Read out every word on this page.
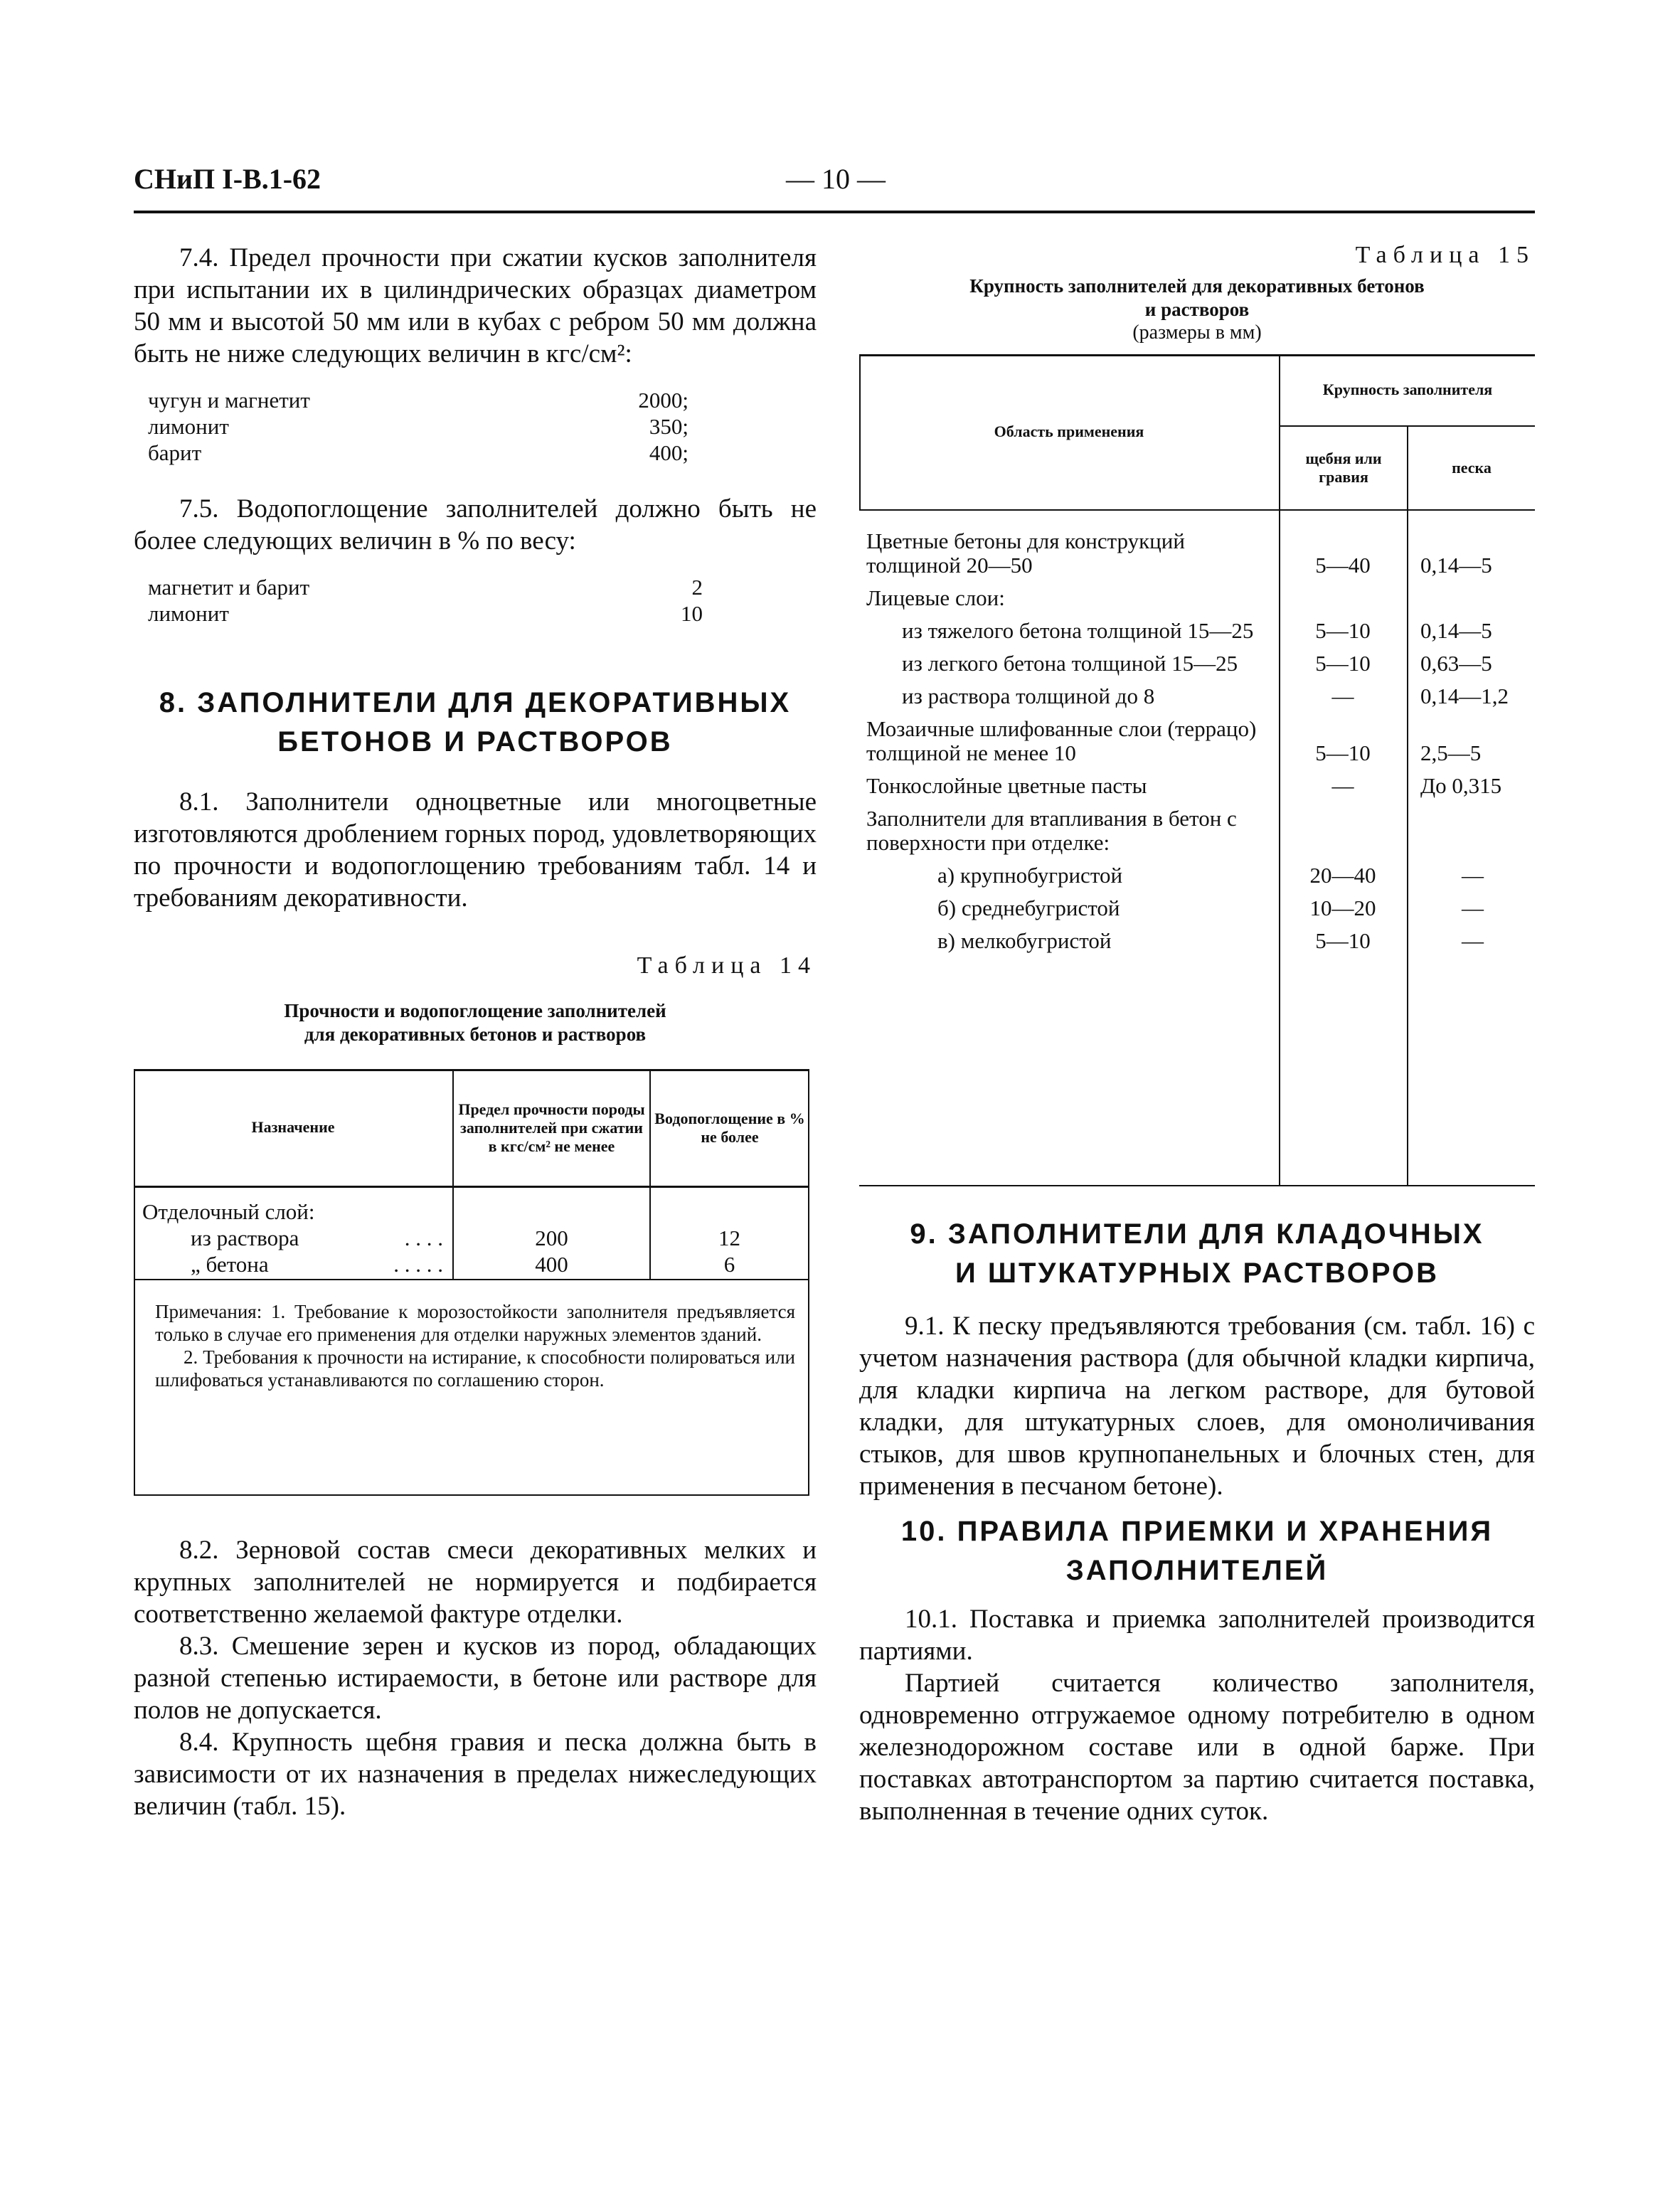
СНиП I-В.1-62	— 10 —

7.4. Предел прочности при сжатии кусков заполнителя при испытании их в цилиндрических образцах диаметром 50 мм и высотой 50 мм или в кубах с ребром 50 мм должна быть не ниже следующих величин в кгс/см²:

чугун и магнетит	2000;
лимонит	350;
барит	400;

7.5. Водопоглощение заполнителей должно быть не более следующих величин в % по весу:

магнетит и барит	2
лимонит	10
8. ЗАПОЛНИТЕЛИ ДЛЯ ДЕКОРАТИВНЫХ
БЕТОНОВ И РАСТВОРОВ

8.1. Заполнители одноцветные или многоцветные изготовляются дроблением горных пород, удовлетворяющих по прочности и водопоглощению требованиям табл. 14 и требованиям декоративности.

Таблица 14
Прочности и водопоглощение заполнителей
для декоративных бетонов и растворов
Назначение
Предел прочности породы заполнителей при сжатии в кгс/см² не менее
Водопоглощение в % не более
Отделочный слой:
из раствора	. . . .	200	12
„ бетона	. . . . .	400	6

Примечания: 1. Требование к морозостойкости заполнителя предъявляется только в случае его применения для отделки наружных элементов зданий.

2. Требования к прочности на истирание, к способности полироваться или шлифоваться устанавливаются по соглашению сторон.

8.2. Зерновой состав смеси декоративных мелких и крупных заполнителей не нормируется и подбирается соответственно желаемой фактуре отделки.

8.3. Смешение зерен и кусков из пород, обладающих разной степенью истираемости, в бетоне или растворе для полов не допускается.

8.4. Крупность щебня гравия и песка должна быть в зависимости от их назначения в пределах нижеследующих величин (табл. 15).

Таблица 15
Крупность заполнителей для декоративных бетонов
и растворов
(размеры в мм)
Область применения
Крупность заполнителя
щебня или гравия
песка
Цветные бетоны для конструкций толщиной 20—50	5—40	0,14—5
Лицевые слои:		
из тяжелого бетона толщиной 15—25	5—10	0,14—5
из легкого бетона толщиной 15—25	5—10	0,63—5
из раствора толщиной до 8	—	0,14—1,2
Мозаичные шлифованные слои (террацо) толщиной не менее 10	5—10	2,5—5
Тонкослойные цветные пасты	—	До 0,315
Заполнители для втапливания в бетон с поверхности при отделке:		
а) крупнобугристой	20—40	—
б) среднебугристой	10—20	—
в) мелкобугристой	5—10	—
9. ЗАПОЛНИТЕЛИ ДЛЯ КЛАДОЧНЫХ
И ШТУКАТУРНЫХ РАСТВОРОВ

9.1. К песку предъявляются требования (см. табл. 16) с учетом назначения раствора (для обычной кладки кирпича, для кладки кирпича на легком растворе, для бутовой кладки, для штукатурных слоев, для омоноличивания стыков, для швов крупнопанельных и блочных стен, для применения в песчаном бетоне).

10. ПРАВИЛА ПРИЕМКИ И ХРАНЕНИЯ
ЗАПОЛНИТЕЛЕЙ

10.1. Поставка и приемка заполнителей производится партиями.

Партией считается количество заполнителя, одновременно отгружаемое одному потребителю в одном железнодорожном составе или в одной барже. При поставках автотранспортом за партию считается поставка, выполненная в течение одних суток.
